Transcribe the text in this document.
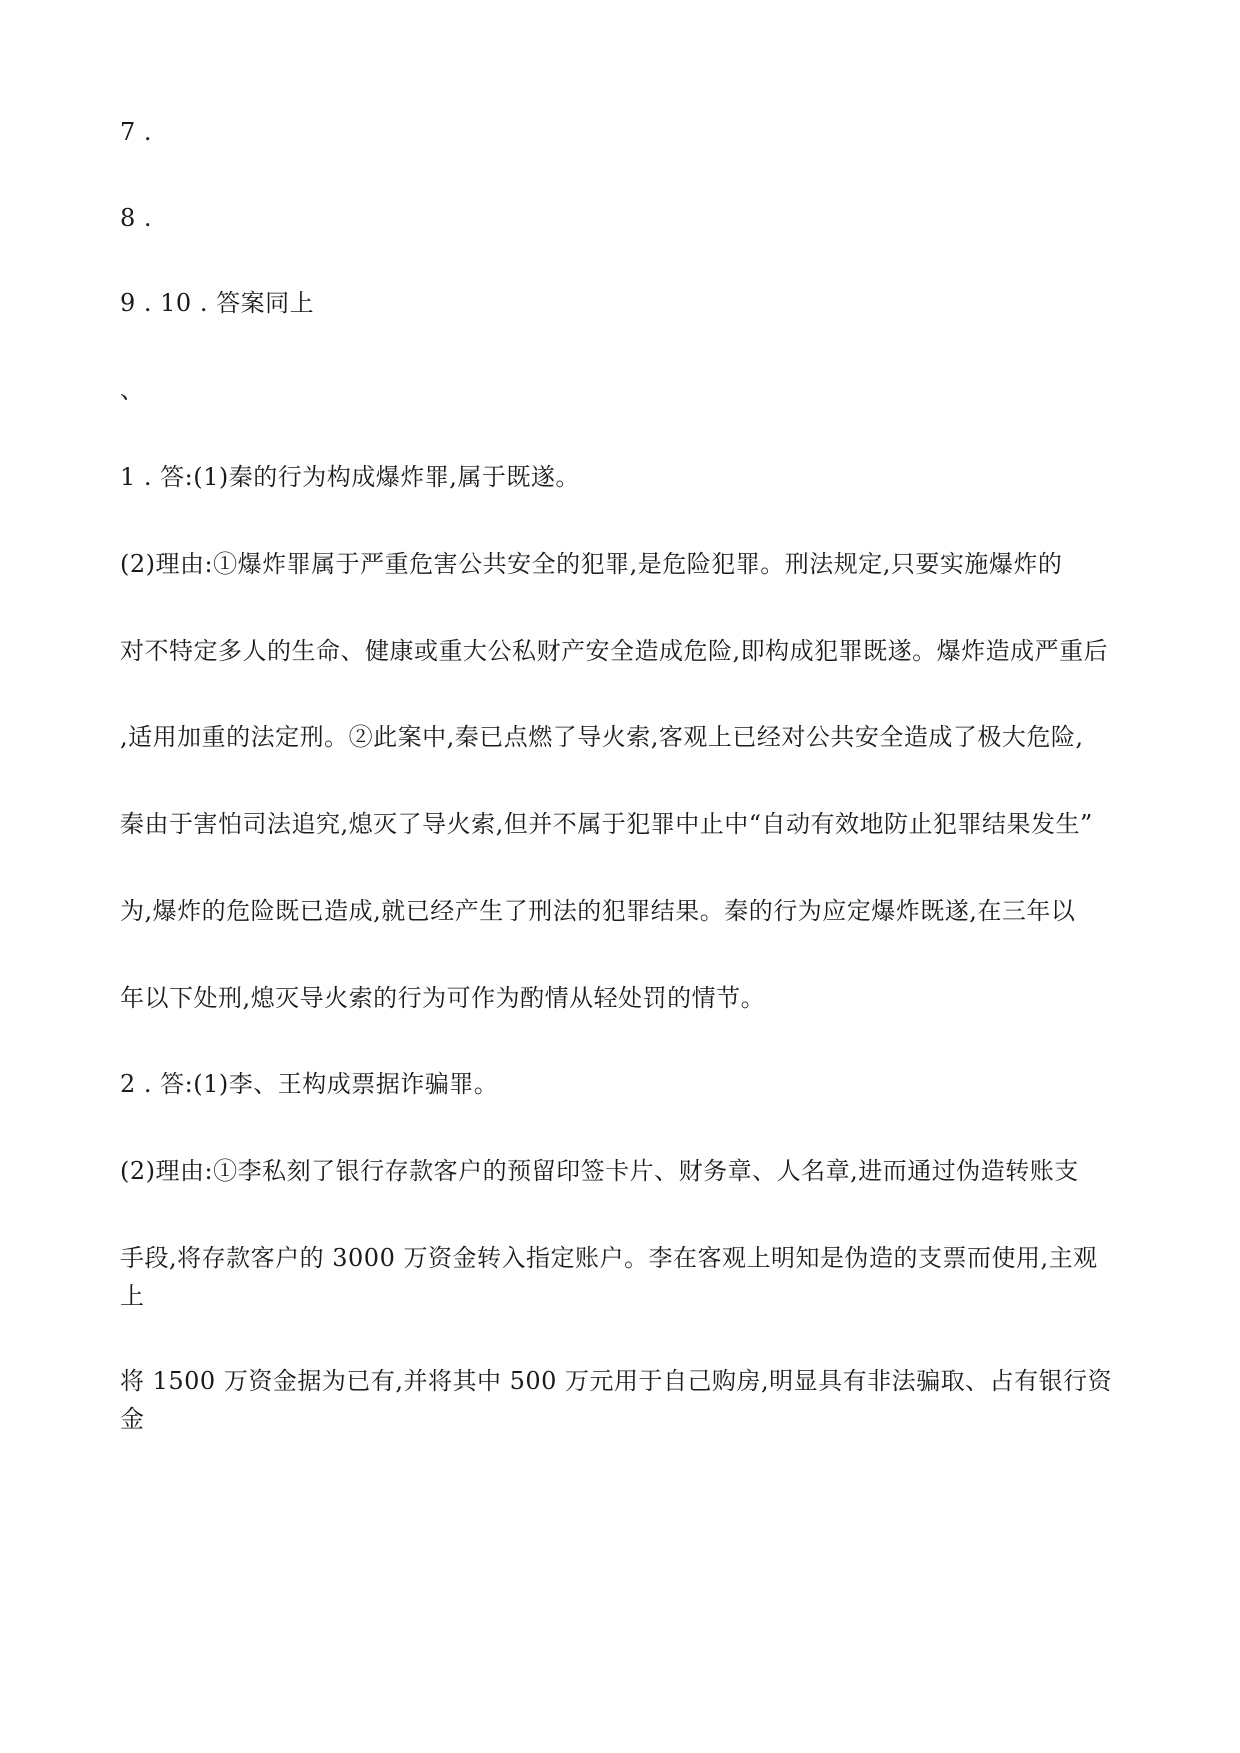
7 .
8 .
9 . 10 . 答案同上
、
1 . 答:(1)秦的行为构成爆炸罪,属于既遂。
(2)理由:①爆炸罪属于严重危害公共安全的犯罪,是危险犯罪。刑法规定,只要实施爆炸的
对不特定多人的生命、健康或重大公私财产安全造成危险,即构成犯罪既遂。爆炸造成严重后
,适用加重的法定刑。②此案中,秦已点燃了导火索,客观上已经对公共安全造成了极大危险,
秦由于害怕司法追究,熄灭了导火索,但并不属于犯罪中止中“自动有效地防止犯罪结果发生”
为,爆炸的危险既已造成,就已经产生了刑法的犯罪结果。秦的行为应定爆炸既遂,在三年以
年以下处刑,熄灭导火索的行为可作为酌情从轻处罚的情节。
2 . 答:(1)李、王构成票据诈骗罪。
(2)理由:①李私刻了银行存款客户的预留印签卡片、财务章、人名章,进而通过伪造转账支
手段,将存款客户的 3000 万资金转入指定账户。李在客观上明知是伪造的支票而使用,主观
上
将 1500 万资金据为已有,并将其中 500 万元用于自己购房,明显具有非法骗取、占有银行资
金
